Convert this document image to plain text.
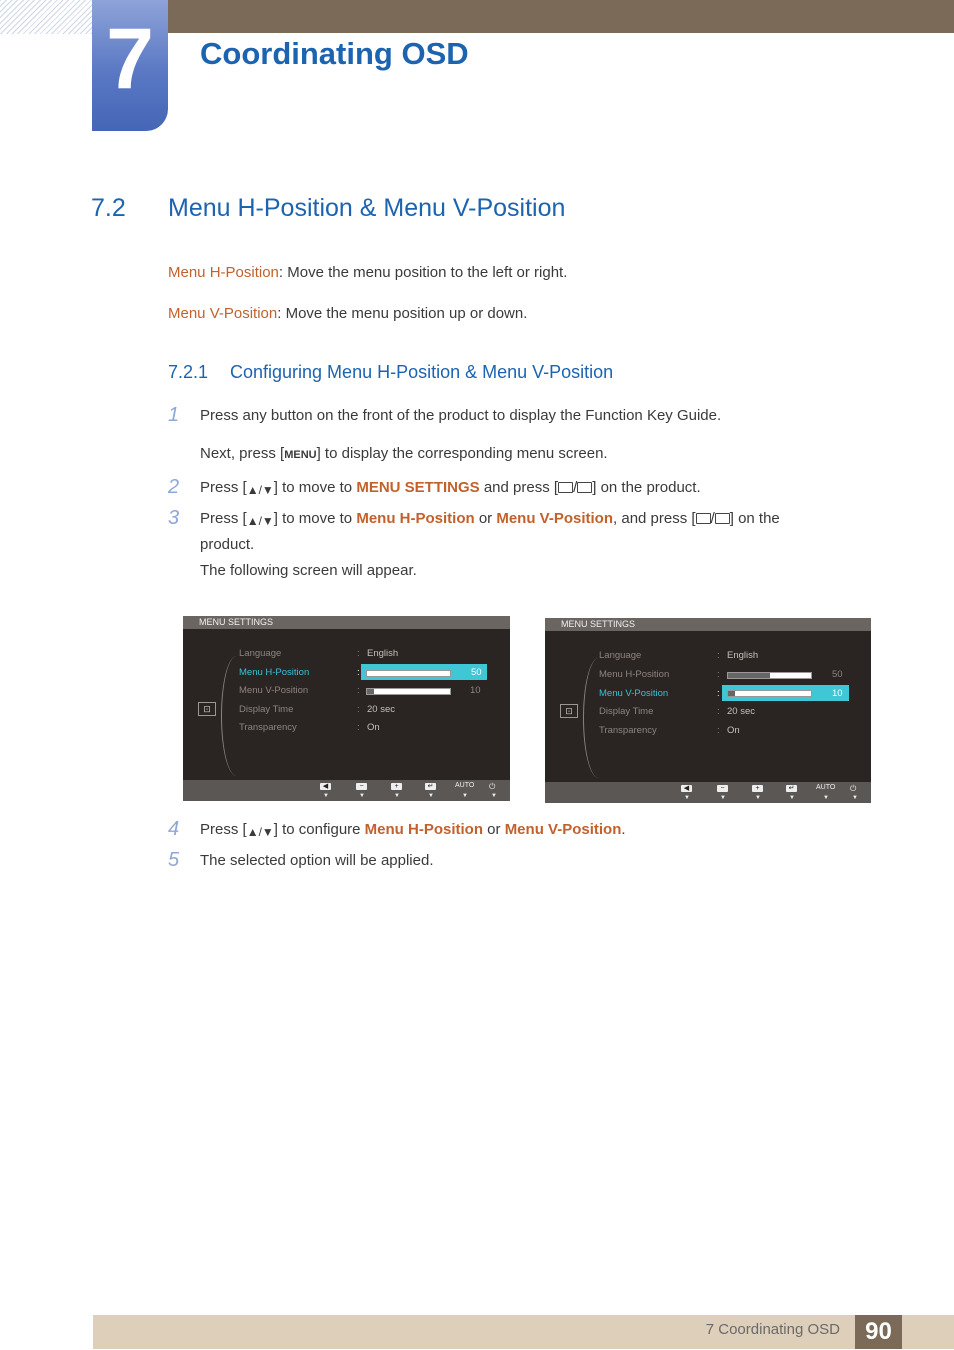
7	Coordinating OSD
7.2 Menu H-Position & Menu V-Position
Menu H-Position: Move the menu position to the left or right.
Menu V-Position: Move the menu position up or down.
7.2.1 Configuring Menu H-Position & Menu V-Position
1 Press any button on the front of the product to display the Function Key Guide.
Next, press [MENU] to display the corresponding menu screen.
2 Press [▲/▼] to move to MENU SETTINGS and press [ / ] on the product.
3 Press [▲/▼] to move to Menu H-Position or Menu V-Position, and press [ / ] on the
product.
The following screen will appear.
MENU SETTINGS
⊡
Language	: English
Menu H-Position	:	50
Menu V-Position	:	10
Display Time	: 20 sec
Transparency	: On
◀
▼
−
▼
+
▼
↵
▼
AUTO
▼
⏻
▼
MENU SETTINGS
⊡
Language	: English
Menu H-Position	:	50
Menu V-Position	:	10
Display Time	: 20 sec
Transparency	: On
◀
▼
−
▼
+
▼
↵
▼
AUTO
▼
⏻
▼
4 Press [▲/▼] to configure Menu H-Position or Menu V-Position.
5 The selected option will be applied.
7 Coordinating OSD	90
